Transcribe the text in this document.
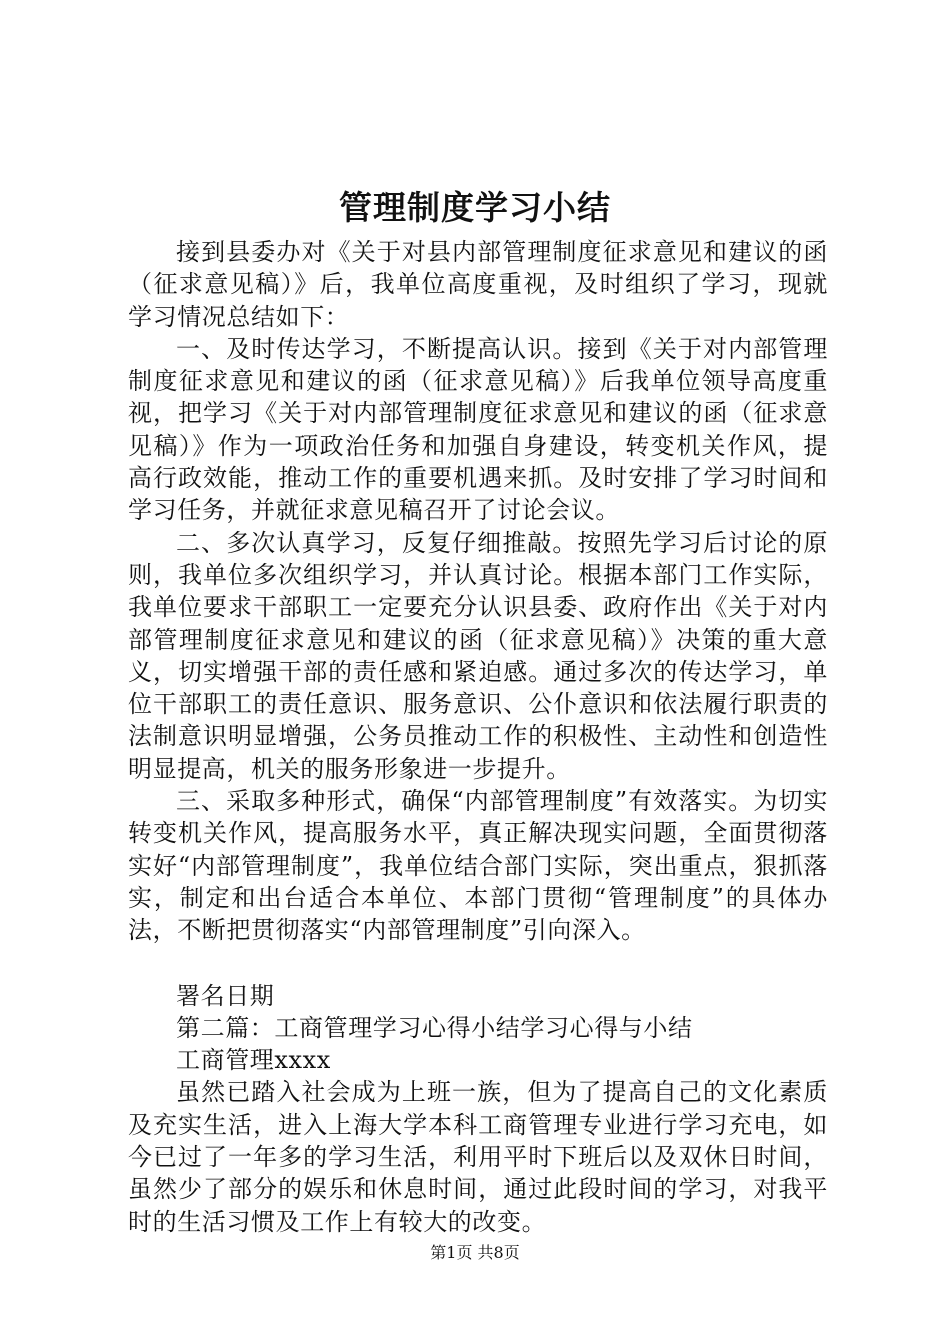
管理制度学习小结

接到县委办对《关于对县内部管理制度征求意见和建议的函（征求意见稿）》后，我单位高度重视，及时组织了学习，现就学习情况总结如下：

一、及时传达学习，不断提高认识。接到《关于对内部管理制度征求意见和建议的函（征求意见稿）》后我单位领导高度重视，把学习《关于对内部管理制度征求意见和建议的函（征求意见稿）》作为一项政治任务和加强自身建设，转变机关作风，提高行政效能，推动工作的重要机遇来抓。及时安排了学习时间和学习任务，并就征求意见稿召开了讨论会议。

二、多次认真学习，反复仔细推敲。按照先学习后讨论的原则，我单位多次组织学习，并认真讨论。根据本部门工作实际，我单位要求干部职工一定要充分认识县委、政府作出《关于对内部管理制度征求意见和建议的函（征求意见稿）》决策的重大意义，切实增强干部的责任感和紧迫感。通过多次的传达学习，单位干部职工的责任意识、服务意识、公仆意识和依法履行职责的法制意识明显增强，公务员推动工作的积极性、主动性和创造性明显提高，机关的服务形象进一步提升。

三、采取多种形式，确保“内部管理制度”有效落实。为切实转变机关作风，提高服务水平，真正解决现实问题，全面贯彻落实好“内部管理制度”，我单位结合部门实际，突出重点，狠抓落实，制定和出台适合本单位、本部门贯彻“管理制度”的具体办法，不断把贯彻落实“内部管理制度”引向深入。

署名日期

第二篇：工商管理学习心得小结学习心得与小结

工商管理xxxx

虽然已踏入社会成为上班一族，但为了提高自己的文化素质及充实生活，进入上海大学本科工商管理专业进行学习充电，如今已过了一年多的学习生活，利用平时下班后以及双休日时间，虽然少了部分的娱乐和休息时间，通过此段时间的学习，对我平时的生活习惯及工作上有较大的改变。

第1页 共8页
